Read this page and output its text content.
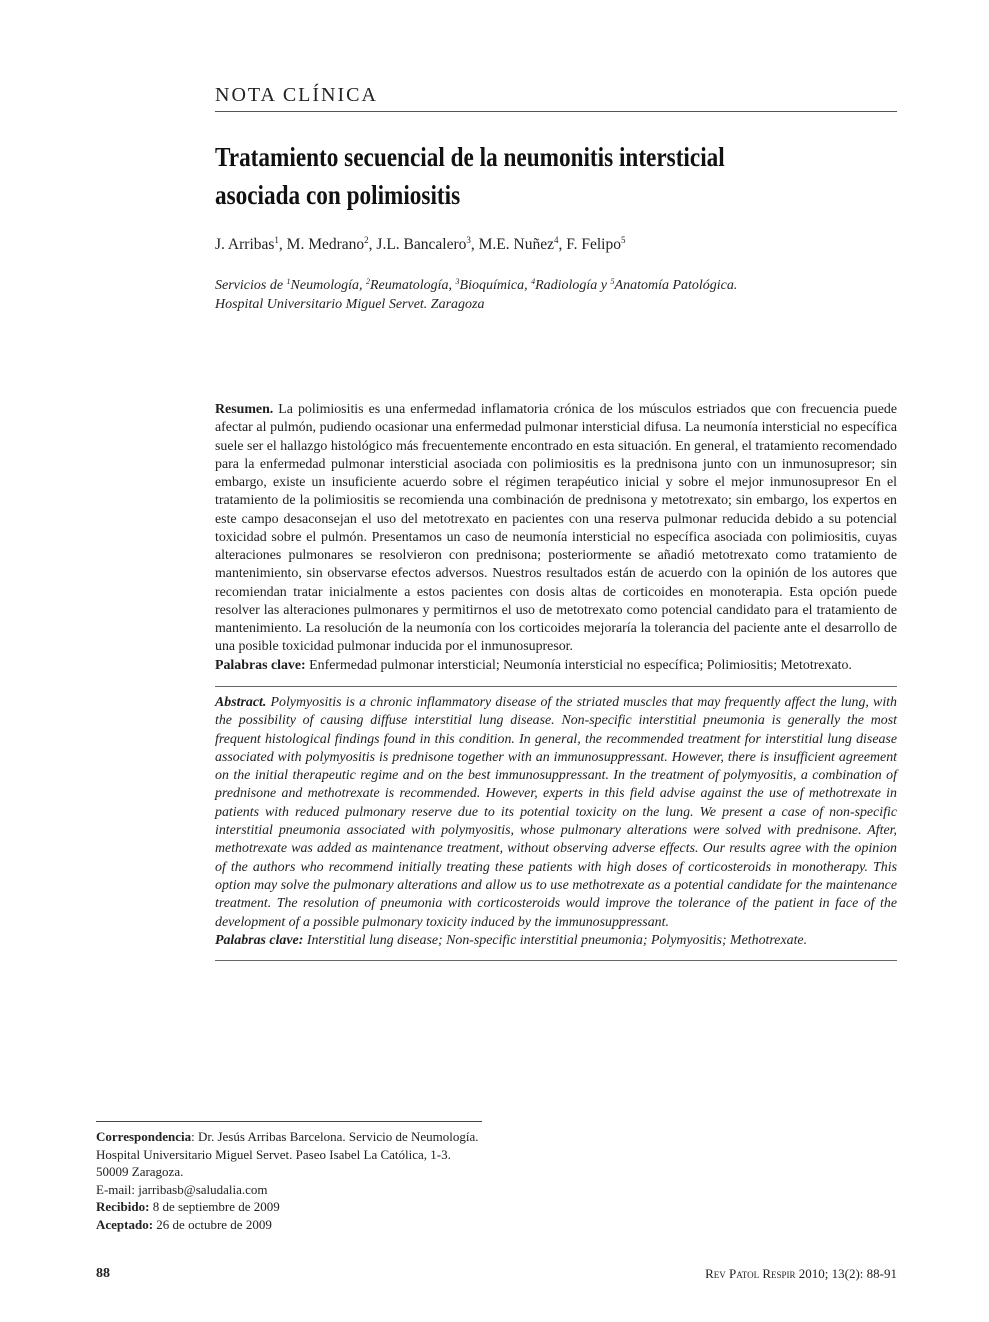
NOTA CLÍNICA
Tratamiento secuencial de la neumonitis intersticial
asociada con polimiositis
J. Arribas$^1$, M. Medrano$^2$, J.L. Bancalero$^3$, M.E. Nuñez$^4$, F. Felipo$^5$
Servicios de $^1$Neumología, $^2$Reumatología, $^3$Bioquímica, $^4$Radiología y $^5$Anatomía Patológica.
Hospital Universitario Miguel Servet. Zaragoza
Resumen. La polimiositis es una enfermedad inflamatoria crónica de los músculos estriados que con frecuencia puede afectar al pulmón, pudiendo ocasionar una enfermedad pulmonar intersticial difusa. La neumonía intersticial no específica suele ser el hallazgo histológico más frecuentemente encontrado en esta situación. En general, el tratamiento recomendado para la enfermedad pulmonar intersticial asociada con polimiositis es la prednisona junto con un inmunosupresor; sin embargo, existe un insuficiente acuerdo sobre el régimen terapéutico inicial y sobre el mejor inmunosupresor En el tratamiento de la polimiositis se recomienda una combinación de prednisona y metotrexato; sin embargo, los expertos en este campo desaconsejan el uso del metotrexato en pacientes con una reserva pulmonar reducida debido a su potencial toxicidad sobre el pulmón. Presentamos un caso de neumonía intersticial no específica asociada con polimiositis, cuyas alteraciones pulmonares se resolvieron con prednisona; posteriormente se añadió metotrexato como tratamiento de mantenimiento, sin observarse efectos adversos. Nuestros resultados están de acuerdo con la opinión de los autores que recomiendan tratar inicialmente a estos pacientes con dosis altas de corticoides en monoterapia. Esta opción puede resolver las alteraciones pulmonares y permitirnos el uso de metotrexato como potencial candidato para el tratamiento de mantenimiento. La resolución de la neumonía con los corticoides mejoraría la tolerancia del paciente ante el desarrollo de una posible toxicidad pulmonar inducida por el inmunosupresor.
Palabras clave: Enfermedad pulmonar intersticial; Neumonía intersticial no específica; Polimiositis; Metotrexato.
Abstract. Polymyositis is a chronic inflammatory disease of the striated muscles that may frequently affect the lung, with the possibility of causing diffuse interstitial lung disease. Non-specific interstitial pneumonia is generally the most frequent histological findings found in this condition. In general, the recommended treatment for interstitial lung disease associated with polymyositis is prednisone together with an immunosuppressant. However, there is insufficient agreement on the initial therapeutic regime and on the best immunosuppressant. In the treatment of polymyositis, a combination of prednisone and methotrexate is recommended. However, experts in this field advise against the use of methotrexate in patients with reduced pulmonary reserve due to its potential toxicity on the lung. We present a case of non-specific interstitial pneumonia associated with polymyositis, whose pulmonary alterations were solved with prednisone. After, methotrexate was added as maintenance treatment, without observing adverse effects. Our results agree with the opinion of the authors who recommend initially treating these patients with high doses of corticosteroids in monotherapy. This option may solve the pulmonary alterations and allow us to use methotrexate as a potential candidate for the maintenance treatment. The resolution of pneumonia with corticosteroids would improve the tolerance of the patient in face of the development of a possible pulmonary toxicity induced by the immunosuppressant.
Palabras clave: Interstitial lung disease; Non-specific interstitial pneumonia; Polymyositis; Methotrexate.
Correspondencia: Dr. Jesús Arribas Barcelona. Servicio de Neumología. Hospital Universitario Miguel Servet. Paseo Isabel La Católica, 1-3. 50009 Zaragoza.
E-mail: jarribasb@saludalia.com
Recibido: 8 de septiembre de 2009
Aceptado: 26 de octubre de 2009
88	Rev Patol Respir 2010; 13(2): 88-91
